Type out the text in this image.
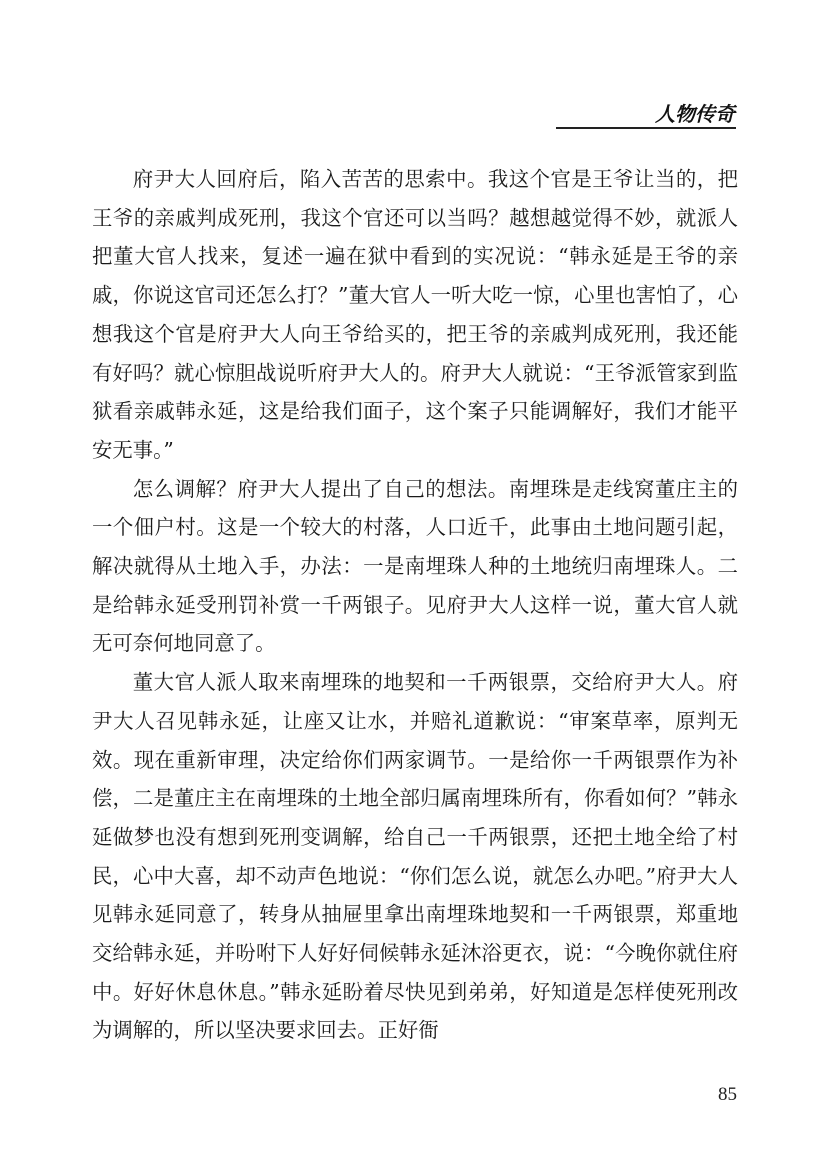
人物传奇

府尹大人回府后，陷入苦苦的思索中。我这个官是王爷让当的，把王爷的亲戚判成死刑，我这个官还可以当吗？越想越觉得不妙，就派人把董大官人找来，复述一遍在狱中看到的实况说：“韩永延是王爷的亲戚，你说这官司还怎么打？”董大官人一听大吃一惊，心里也害怕了，心想我这个官是府尹大人向王爷给买的，把王爷的亲戚判成死刑，我还能有好吗？就心惊胆战说听府尹大人的。府尹大人就说：“王爷派管家到监狱看亲戚韩永延，这是给我们面子，这个案子只能调解好，我们才能平安无事。”

怎么调解？府尹大人提出了自己的想法。南埋珠是走线窝董庄主的一个佃户村。这是一个较大的村落，人口近千，此事由土地问题引起，解决就得从土地入手，办法：一是南埋珠人种的土地统归南埋珠人。二是给韩永延受刑罚补赏一千两银子。见府尹大人这样一说，董大官人就无可奈何地同意了。

董大官人派人取来南埋珠的地契和一千两银票，交给府尹大人。府尹大人召见韩永延，让座又让水，并赔礼道歉说：“审案草率，原判无效。现在重新审理，决定给你们两家调节。一是给你一千两银票作为补偿，二是董庄主在南埋珠的土地全部归属南埋珠所有，你看如何？”韩永延做梦也没有想到死刑变调解，给自己一千两银票，还把土地全给了村民，心中大喜，却不动声色地说：“你们怎么说，就怎么办吧。”府尹大人见韩永延同意了，转身从抽屉里拿出南埋珠地契和一千两银票，郑重地交给韩永延，并吩咐下人好好伺候韩永延沐浴更衣，说：“今晚你就住府中。好好休息休息。”韩永延盼着尽快见到弟弟，好知道是怎样使死刑改为调解的，所以坚决要求回去。正好衙

85
